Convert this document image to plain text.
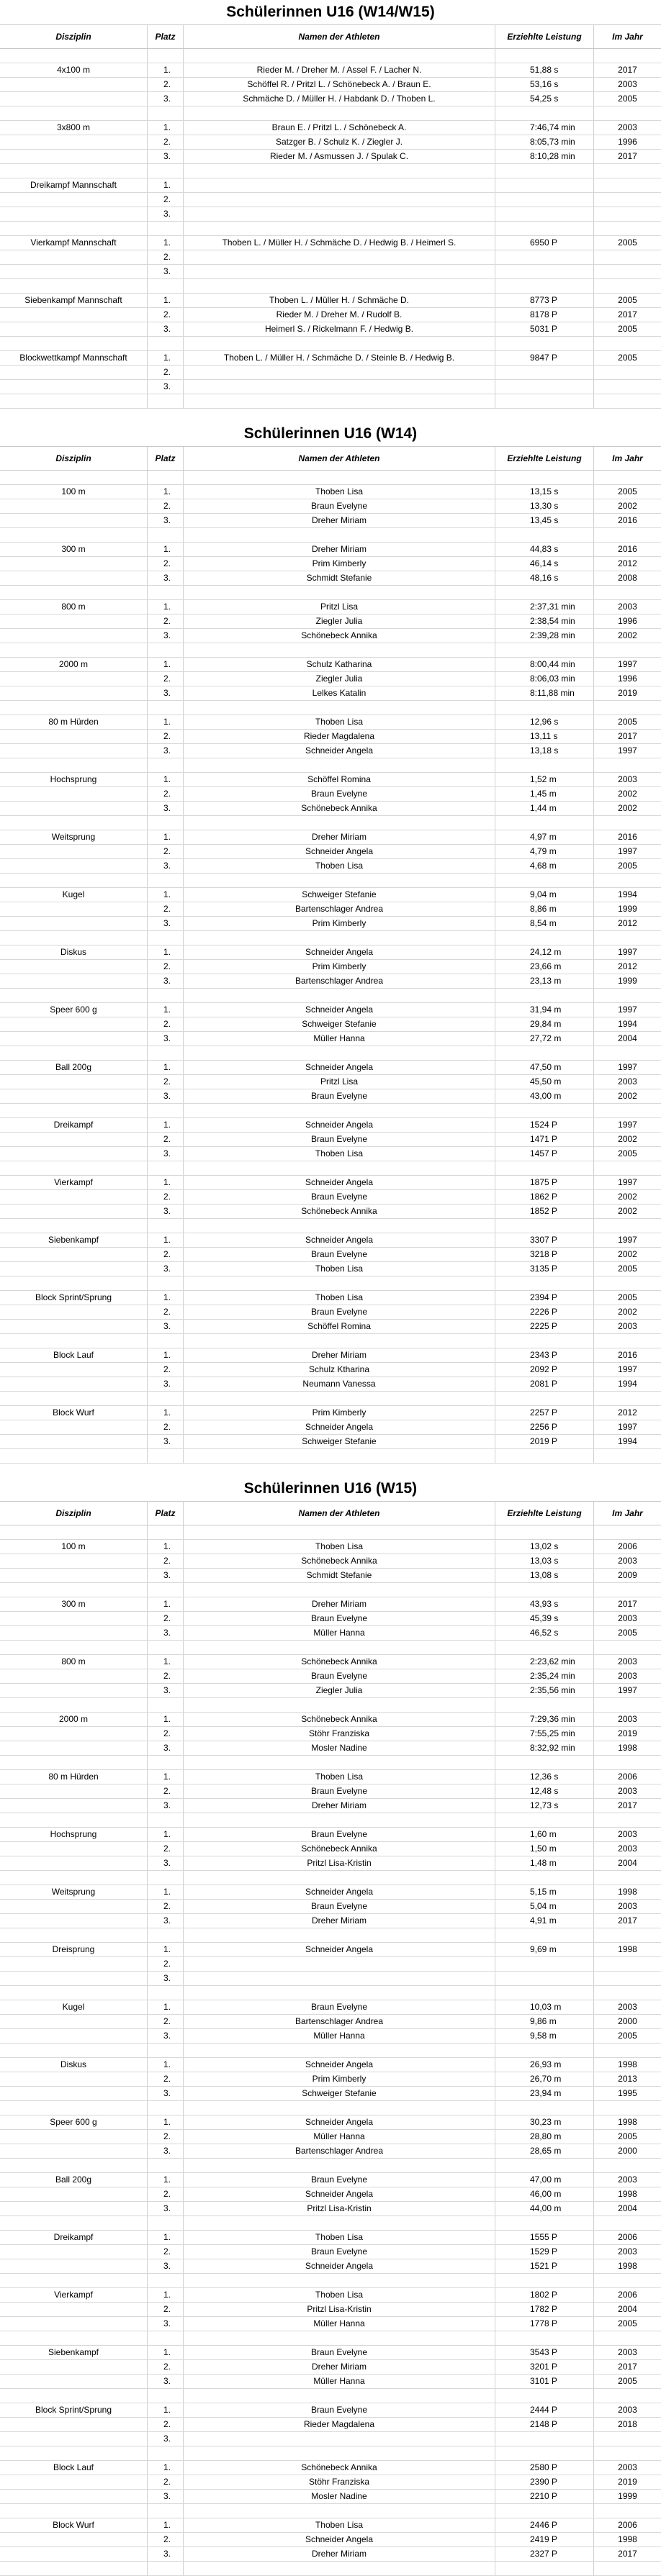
Schülerinnen U16 (W14/W15)
Disziplin	Platz	Namen der Athleten	Erziehlte Leistung	Im Jahr
4x100 m	1.	Rieder M. / Dreher M. / Assel F. / Lacher N.	51,88 s	2017
2.	Schöffel R. / Pritzl L. / Schönebeck A. / Braun E.	53,16 s	2003
3.	Schmäche D. / Müller H. / Habdank D. / Thoben L.	54,25 s	2005
3x800 m	1.	Braun E. / Pritzl L. / Schönebeck A.	7:46,74 min	2003
2.	Satzger B. / Schulz K. / Ziegler J.	8:05,73 min	1996
3.	Rieder M. / Asmussen J. / Spulak C.	8:10,28 min	2017
Dreikampf Mannschaft	1.
2.
3.
Vierkampf Mannschaft	1.	Thoben L. / Müller H. / Schmäche D. / Hedwig B. / Heimerl S.	6950 P	2005
2.
3.
Siebenkampf Mannschaft	1.	Thoben L. / Müller H. / Schmäche D.	8773 P	2005
2.	Rieder M. / Dreher M. / Rudolf B.	8178 P	2017
3.	Heimerl S. / Rickelmann F. / Hedwig B.	5031 P	2005
Blockwettkampf Mannschaft	1.	Thoben L. / Müller H. / Schmäche D. / Steinle B. / Hedwig B.	9847 P	2005
2.
3.
Schülerinnen U16 (W14)
Disziplin	Platz	Namen der Athleten	Erziehlte Leistung	Im Jahr
100 m	1.	Thoben Lisa	13,15 s	2005
2.	Braun Evelyne	13,30 s	2002
3.	Dreher Miriam	13,45 s	2016
300 m	1.	Dreher Miriam	44,83 s	2016
2.	Prim Kimberly	46,14 s	2012
3.	Schmidt Stefanie	48,16 s	2008
800 m	1.	Pritzl Lisa	2:37,31 min	2003
2.	Ziegler Julia	2:38,54 min	1996
3.	Schönebeck Annika	2:39,28 min	2002
2000 m	1.	Schulz Katharina	8:00,44 min	1997
2.	Ziegler Julia	8:06,03 min	1996
3.	Lelkes Katalin	8:11,88 min	2019
80 m Hürden	1.	Thoben Lisa	12,96 s	2005
2.	Rieder Magdalena	13,11 s	2017
3.	Schneider Angela	13,18 s	1997
Hochsprung	1.	Schöffel Romina	1,52 m	2003
2.	Braun Evelyne	1,45 m	2002
3.	Schönebeck Annika	1,44 m	2002
Weitsprung	1.	Dreher Miriam	4,97 m	2016
2.	Schneider Angela	4,79 m	1997
3.	Thoben Lisa	4,68 m	2005
Kugel	1.	Schweiger Stefanie	9,04 m	1994
2.	Bartenschlager Andrea	8,86 m	1999
3.	Prim Kimberly	8,54 m	2012
Diskus	1.	Schneider Angela	24,12 m	1997
2.	Prim Kimberly	23,66 m	2012
3.	Bartenschlager Andrea	23,13 m	1999
Speer 600 g	1.	Schneider Angela	31,94 m	1997
2.	Schweiger Stefanie	29,84 m	1994
3.	Müller Hanna	27,72 m	2004
Ball 200g	1.	Schneider Angela	47,50 m	1997
2.	Pritzl Lisa	45,50 m	2003
3.	Braun Evelyne	43,00 m	2002
Dreikampf	1.	Schneider Angela	1524 P	1997
2.	Braun Evelyne	1471 P	2002
3.	Thoben Lisa	1457 P	2005
Vierkampf	1.	Schneider Angela	1875 P	1997
2.	Braun Evelyne	1862 P	2002
3.	Schönebeck Annika	1852 P	2002
Siebenkampf	1.	Schneider Angela	3307 P	1997
2.	Braun Evelyne	3218 P	2002
3.	Thoben Lisa	3135 P	2005
Block Sprint/Sprung	1.	Thoben Lisa	2394 P	2005
2.	Braun Evelyne	2226 P	2002
3.	Schöffel Romina	2225 P	2003
Block Lauf	1.	Dreher Miriam	2343 P	2016
2.	Schulz Ktharina	2092 P	1997
3.	Neumann Vanessa	2081 P	1994
Block Wurf	1.	Prim Kimberly	2257 P	2012
2.	Schneider Angela	2256 P	1997
3.	Schweiger Stefanie	2019 P	1994
Schülerinnen U16 (W15)
Disziplin	Platz	Namen der Athleten	Erziehlte Leistung	Im Jahr
100 m	1.	Thoben Lisa	13,02 s	2006
2.	Schönebeck Annika	13,03 s	2003
3.	Schmidt Stefanie	13,08 s	2009
300 m	1.	Dreher Miriam	43,93 s	2017
2.	Braun Evelyne	45,39 s	2003
3.	Müller Hanna	46,52 s	2005
800 m	1.	Schönebeck Annika	2:23,62 min	2003
2.	Braun Evelyne	2:35,24 min	2003
3.	Ziegler Julia	2:35,56 min	1997
2000 m	1.	Schönebeck Annika	7:29,36 min	2003
2.	Stöhr Franziska	7:55,25 min	2019
3.	Mosler Nadine	8:32,92 min	1998
80 m Hürden	1.	Thoben Lisa	12,36 s	2006
2.	Braun Evelyne	12,48 s	2003
3.	Dreher Miriam	12,73 s	2017
Hochsprung	1.	Braun Evelyne	1,60 m	2003
2.	Schönebeck Annika	1,50 m	2003
3.	Pritzl Lisa-Kristin	1,48 m	2004
Weitsprung	1.	Schneider Angela	5,15 m	1998
2.	Braun Evelyne	5,04 m	2003
3.	Dreher Miriam	4,91 m	2017
Dreisprung	1.	Schneider Angela	9,69 m	1998
2.
3.
Kugel	1.	Braun Evelyne	10,03 m	2003
2.	Bartenschlager Andrea	9,86 m	2000
3.	Müller Hanna	9,58 m	2005
Diskus	1.	Schneider Angela	26,93 m	1998
2.	Prim Kimberly	26,70 m	2013
3.	Schweiger Stefanie	23,94 m	1995
Speer 600 g	1.	Schneider Angela	30,23 m	1998
2.	Müller Hanna	28,80 m	2005
3.	Bartenschlager Andrea	28,65 m	2000
Ball 200g	1.	Braun Evelyne	47,00 m	2003
2.	Schneider Angela	46,00 m	1998
3.	Pritzl Lisa-Kristin	44,00 m	2004
Dreikampf	1.	Thoben Lisa	1555 P	2006
2.	Braun Evelyne	1529 P	2003
3.	Schneider Angela	1521 P	1998
Vierkampf	1.	Thoben Lisa	1802 P	2006
2.	Pritzl Lisa-Kristin	1782 P	2004
3.	Müller Hanna	1778 P	2005
Siebenkampf	1.	Braun Evelyne	3543 P	2003
2.	Dreher Miriam	3201 P	2017
3.	Müller Hanna	3101 P	2005
Block Sprint/Sprung	1.	Braun Evelyne	2444 P	2003
2.	Rieder Magdalena	2148 P	2018
3.
Block Lauf	1.	Schönebeck Annika	2580 P	2003
2.	Stöhr Franziska	2390 P	2019
3.	Mosler Nadine	2210 P	1999
Block Wurf	1.	Thoben Lisa	2446 P	2006
2.	Schneider Angela	2419 P	1998
3.	Dreher Miriam	2327 P	2017
